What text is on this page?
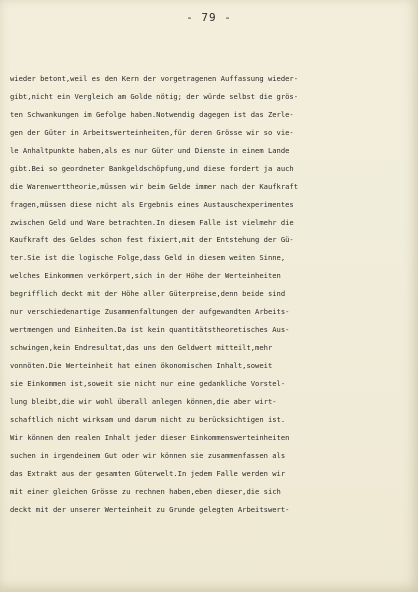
- 79 -
wieder betont,weil es den Kern der vorgetragenen Auffassung wieder-
gibt,nicht ein Vergleich am Golde nötig; der würde selbst die grös-
ten Schwankungen im Gefolge haben.Notwendig dagegen ist das Zerle-
gen der Güter in Arbeitswerteinheiten,für deren Grösse wir so vie-
le Anhaltpunkte haben,als es nur Güter und Dienste in einem Lande
gibt.Bei so geordneter Bankgeldschöpfung,und diese fordert ja auch
die Warenwerttheorie,müssen wir beim Gelde immer nach der Kaufkraft
fragen,müssen diese nicht als Ergebnis eines Austauschexperimentes
zwischen Geld und Ware betrachten.In diesem Falle ist vielmehr die
Kaufkraft des Geldes schon fest fixiert,mit der Entstehung der Gü-
ter.Sie ist die logische Folge,dass Geld in diesem weiten Sinne,
welches Einkommen verkörpert,sich in der Höhe der Werteinheiten
begrifflich deckt mit der Höhe aller Güterpreise,denn beide sind
nur verschiedenartige Zusammenfaltungen der aufgewandten Arbeits-
wertmengen und Einheiten.Da ist kein quantitätstheoretisches Aus-
schwingen,kein Endresultat,das uns den Geldwert mitteilt,mehr
vonnöten.Die Werteinheit hat einen ökonomischen Inhalt,soweit
sie Einkommen ist,soweit sie nicht nur eine gedankliche Vorstel-
lung bleibt,die wir wohl überall anlegen können,die aber wirt-
schaftlich nicht wirksam und darum nicht zu berücksichtigen ist.
Wir können den realen Inhalt jeder dieser Einkommenswerteinheiten
suchen in irgendeinem Gut oder wir können sie zusammenfassen als
das Extrakt aus der gesamten Güterwelt.In jedem Falle werden wir
mit einer gleichen Grösse zu rechnen haben,eben dieser,die sich
deckt mit der unserer Werteinheit zu Grunde gelegten Arbeitswert-
